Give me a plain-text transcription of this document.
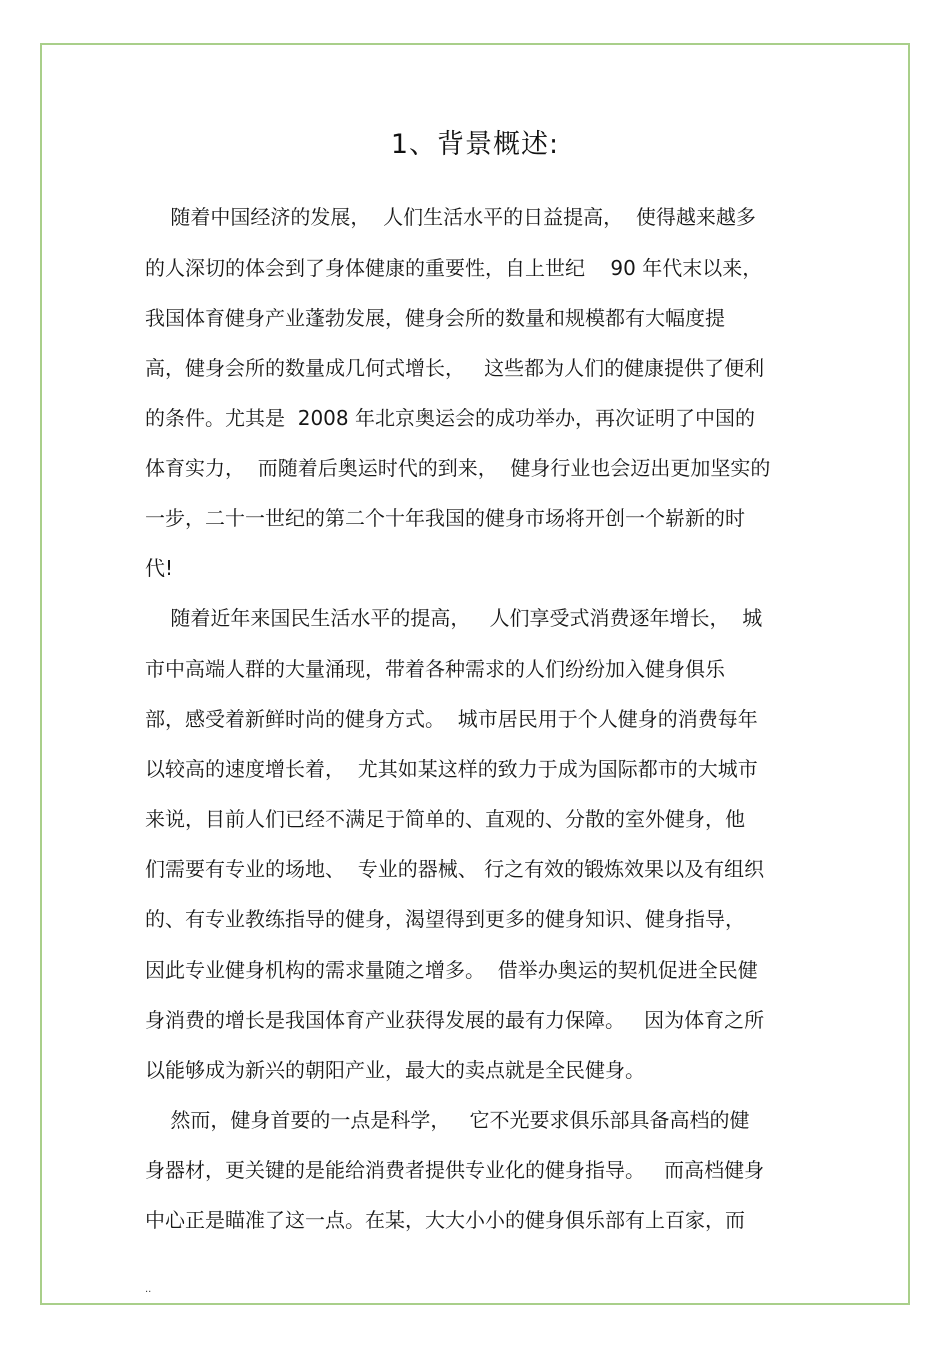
1、背景概述:
随着中国经济的发展，  人们生活水平的日益提高，  使得越来越多
的人深切的体会到了身体健康的重要性，自上世纪    90 年代末以来，
我国体育健身产业蓬勃发展，健身会所的数量和规模都有大幅度提
高，健身会所的数量成几何式增长，   这些都为人们的健康提供了便利
的条件。尤其是  2008 年北京奥运会的成功举办，再次证明了中国的
体育实力，  而随着后奥运时代的到来，  健身行业也会迈出更加坚实的
一步，二十一世纪的第二个十年我国的健身市场将开创一个崭新的时
代!
随着近年来国民生活水平的提高，   人们享受式消费逐年增长，  城
市中高端人群的大量涌现，带着各种需求的人们纷纷加入健身俱乐
部，感受着新鲜时尚的健身方式。  城市居民用于个人健身的消费每年
以较高的速度增长着，  尤其如某这样的致力于成为国际都市的大城市
来说，目前人们已经不满足于简单的、直观的、分散的室外健身，他
们需要有专业的场地、  专业的器械、 行之有效的锻炼效果以及有组织
的、有专业教练指导的健身，渴望得到更多的健身知识、健身指导，
因此专业健身机构的需求量随之增多。  借举办奥运的契机促进全民健
身消费的增长是我国体育产业获得发展的最有力保障。   因为体育之所
以能够成为新兴的朝阳产业，最大的卖点就是全民健身。
然而，健身首要的一点是科学，   它不光要求俱乐部具备高档的健
身器材，更关键的是能给消费者提供专业化的健身指导。   而高档健身
中心正是瞄准了这一点。在某，大大小小的健身俱乐部有上百家，而
..
